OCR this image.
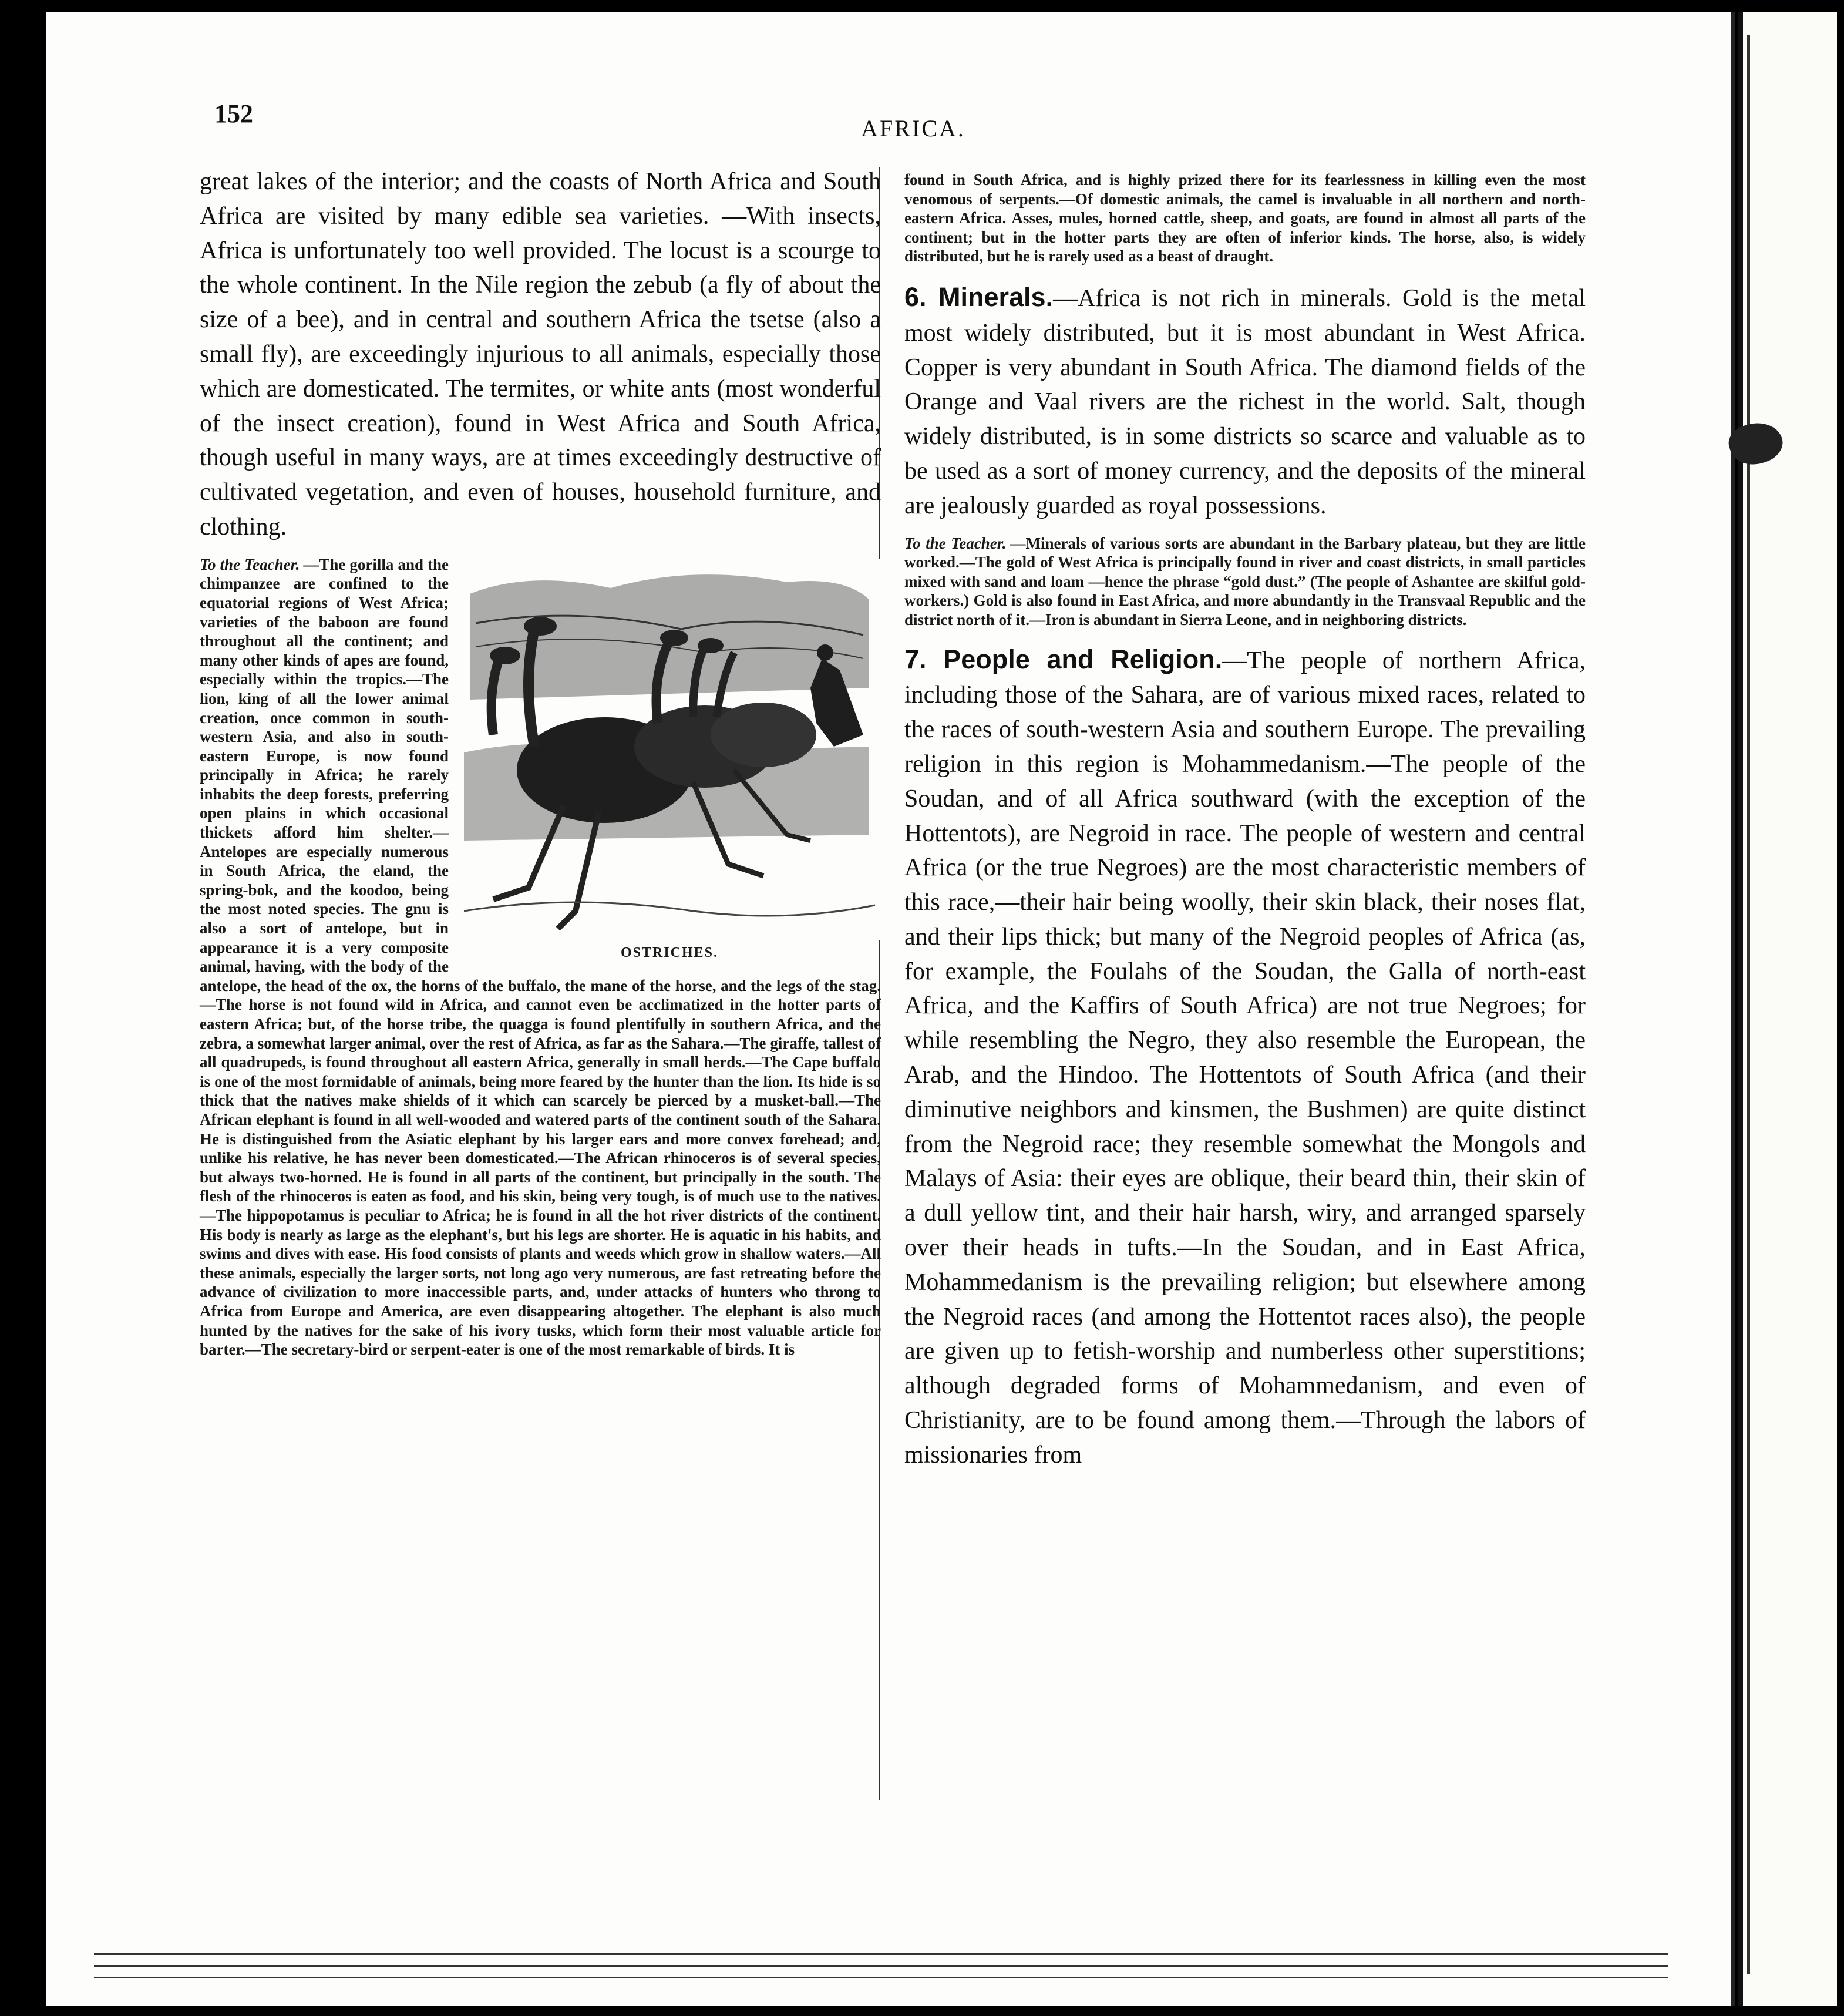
152
AFRICA.

great lakes of the interior; and the coasts of North Africa and South Africa are visited by many edible sea varieties. —With insects, Africa is unfortunately too well provided. The locust is a scourge to the whole continent. In the Nile region the zebub (a fly of about the size of a bee), and in central and southern Africa the tsetse (also a small fly), are exceedingly injurious to all animals, especially those which are domesticated. The termites, or white ants (most wonderful of the insect creation), found in West Africa and South Africa, though useful in many ways, are at times exceedingly destructive of cultivated vegetation, and even of houses, household furniture, and clothing.

OSTRICHES.
To the Teacher. —The gorilla and the chimpanzee are confined to the equatorial regions of West Africa; varieties of the baboon are found throughout all the continent; and many other kinds of apes are found, especially within the tropics.—The lion, king of all the lower animal creation, once common in south-western Asia, and also in south-eastern Europe, is now found principally in Africa; he rarely inhabits the deep forests, preferring open plains in which occasional thickets afford him shelter.—Antelopes are especially numerous in South Africa, the eland, the spring-bok, and the koodoo, being the most noted species. The gnu is also a sort of antelope, but in appearance it is a very composite animal, having, with the body of the antelope, the head of the ox, the horns of the buffalo, the mane of the horse, and the legs of the stag.—The horse is not found wild in Africa, and cannot even be acclimatized in the hotter parts of eastern Africa; but, of the horse tribe, the quagga is found plentifully in southern Africa, and the zebra, a somewhat larger animal, over the rest of Africa, as far as the Sahara.—The giraffe, tallest of all quadrupeds, is found throughout all eastern Africa, generally in small herds.—The Cape buffalo is one of the most formidable of animals, being more feared by the hunter than the lion. Its hide is so thick that the natives make shields of it which can scarcely be pierced by a musket-ball.—The African elephant is found in all well-wooded and watered parts of the continent south of the Sahara. He is distinguished from the Asiatic elephant by his larger ears and more convex forehead; and, unlike his relative, he has never been domesticated.—The African rhinoceros is of several species, but always two-horned. He is found in all parts of the continent, but principally in the south. The flesh of the rhinoceros is eaten as food, and his skin, being very tough, is of much use to the natives.—The hippopotamus is peculiar to Africa; he is found in all the hot river districts of the continent. His body is nearly as large as the elephant's, but his legs are shorter. He is aquatic in his habits, and swims and dives with ease. His food consists of plants and weeds which grow in shallow waters.—All these animals, especially the larger sorts, not long ago very numerous, are fast retreating before the advance of civilization to more inaccessible parts, and, under attacks of hunters who throng to Africa from Europe and America, are even disappearing altogether. The elephant is also much hunted by the natives for the sake of his ivory tusks, which form their most valuable article for barter.—The secretary-bird or serpent-eater is one of the most remarkable of birds. It is

found in South Africa, and is highly prized there for its fearlessness in killing even the most venomous of serpents.—Of domestic animals, the camel is invaluable in all northern and north-eastern Africa. Asses, mules, horned cattle, sheep, and goats, are found in almost all parts of the continent; but in the hotter parts they are often of inferior kinds. The horse, also, is widely distributed, but he is rarely used as a beast of draught.

6. Minerals.—Africa is not rich in minerals. Gold is the metal most widely distributed, but it is most abundant in West Africa. Copper is very abundant in South Africa. The diamond fields of the Orange and Vaal rivers are the richest in the world. Salt, though widely distributed, is in some districts so scarce and valuable as to be used as a sort of money currency, and the deposits of the mineral are jealously guarded as royal possessions.

To the Teacher. —Minerals of various sorts are abundant in the Barbary plateau, but they are little worked.—The gold of West Africa is principally found in river and coast districts, in small particles mixed with sand and loam —hence the phrase “gold dust.” (The people of Ashantee are skilful gold-workers.) Gold is also found in East Africa, and more abundantly in the Transvaal Republic and the district north of it.—Iron is abundant in Sierra Leone, and in neighboring districts.

7. People and Religion.—The people of northern Africa, including those of the Sahara, are of various mixed races, related to the races of south-western Asia and southern Europe. The prevailing religion in this region is Mohammedanism.—The people of the Soudan, and of all Africa southward (with the exception of the Hottentots), are Negroid in race. The people of western and central Africa (or the true Negroes) are the most characteristic members of this race,—their hair being woolly, their skin black, their noses flat, and their lips thick; but many of the Negroid peoples of Africa (as, for example, the Foulahs of the Soudan, the Galla of north-east Africa, and the Kaffirs of South Africa) are not true Negroes; for while resembling the Negro, they also resemble the European, the Arab, and the Hindoo. The Hottentots of South Africa (and their diminutive neighbors and kinsmen, the Bushmen) are quite distinct from the Negroid race; they resemble somewhat the Mongols and Malays of Asia: their eyes are oblique, their beard thin, their skin of a dull yellow tint, and their hair harsh, wiry, and arranged sparsely over their heads in tufts.—In the Soudan, and in East Africa, Mohammedanism is the prevailing religion; but elsewhere among the Negroid races (and among the Hottentot races also), the people are given up to fetish-worship and numberless other superstitions; although degraded forms of Mohammedanism, and even of Christianity, are to be found among them.—Through the labors of missionaries from
